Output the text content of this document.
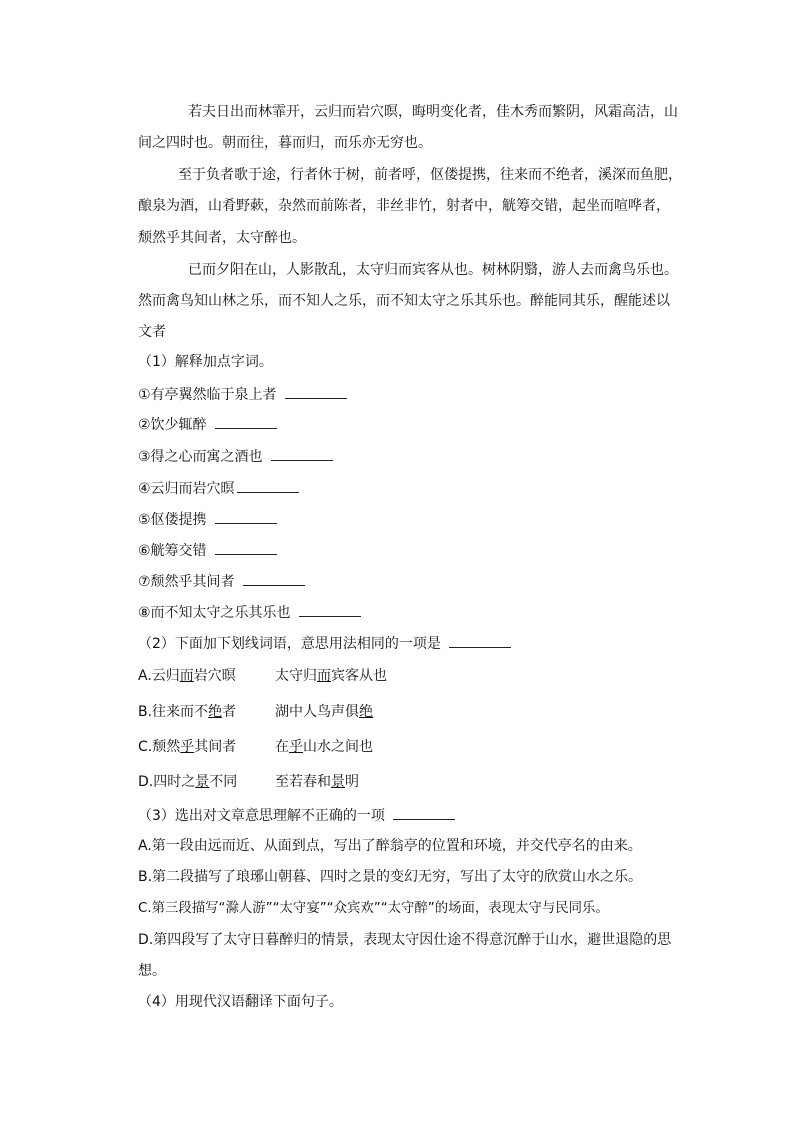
若夫日出而林霏开，云归而岩穴暝，晦明变化者，佳木秀而繁阴，风霜高洁，山
间之四时也。朝而往，暮而归，而乐亦无穷也。
至于负者歌于途，行者休于树，前者呼，伛偻提携，往来而不绝者，溪深而鱼肥，
酿泉为酒，山肴野蔌，杂然而前陈者，非丝非竹，射者中，觥筹交错，起坐而喧哗者，
颓然乎其间者，太守醉也。
已而夕阳在山，人影散乱，太守归而宾客从也。树林阴翳，游人去而禽鸟乐也。
然而禽鸟知山林之乐，而不知人之乐，而不知太守之乐其乐也。醉能同其乐，醒能述以
文者
（1）解释加点字词。
①有亭翼然临于泉上者
②饮少辄醉
③得之心而寓之酒也
④云归而岩穴暝
⑤伛偻提携
⑥觥筹交错
⑦颓然乎其间者
⑧而不知太守之乐其乐也
（2）下面加下划线词语，意思用法相同的一项是
A.云归而岩穴暝	太守归而宾客从也
B.往来而不绝者	湖中人鸟声俱绝
C.颓然乎其间者	在乎山水之间也
D.四时之景不同	至若春和景明
（3）选出对文章意思理解不正确的一项
A.第一段由远而近、从面到点，写出了醉翁亭的位置和环境，并交代亭名的由来。
B.第二段描写了琅琊山朝暮、四时之景的变幻无穷，写出了太守的欣赏山水之乐。
C.第三段描写“滁人游”“太守宴”“众宾欢”“太守醉”的场面，表现太守与民同乐。
D.第四段写了太守日暮醉归的情景，表现太守因仕途不得意沉醉于山水，避世退隐的思
想。
（4）用现代汉语翻译下面句子。
